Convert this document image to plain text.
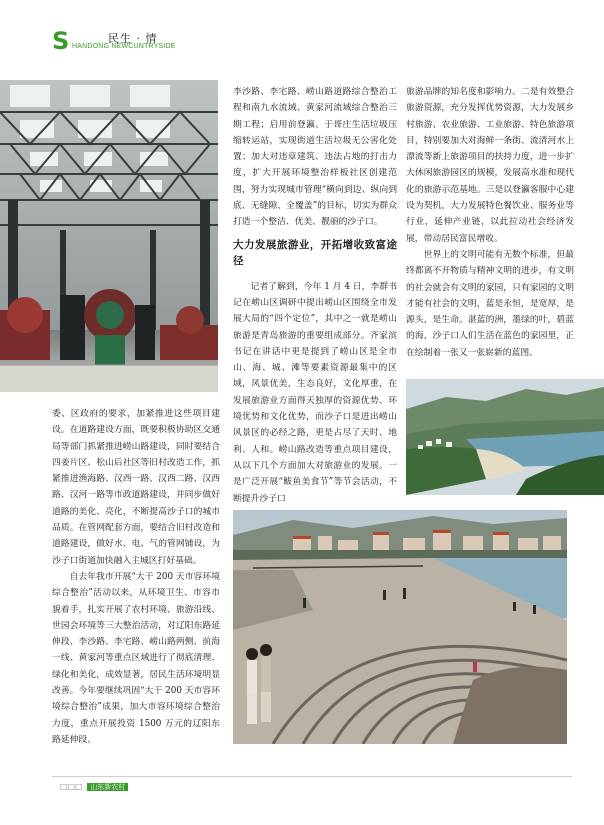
S	民生 · 情
HANDONG NEWCUNTRYSIDE

委、区政府的要求，加紧推进这些项目建设。在道路建设方面，既要积极协助区交通局等部门抓紧推进崂山路建设，同时要结合四姜片区、松山后社区等旧村改造工作，抓紧推进渔海路、汉西一路、汉西二路、汉西路、汉河一路等市政道路建设，并同步做好道路的美化、亮化，不断提高沙子口的城市品质。在管网配套方面，要结合旧村改造和道路建设，做好水、电、气的管网铺设，为沙子口街道加快融入主城区打好基础。

自去年我市开展“大干 200 天市容环境综合整治”活动以来，从环境卫生、市容市貌着手，扎实开展了农村环境、旅游沿线、世园会环境等三大整治活动，对辽阳东路延伸段、李沙路、李宅路、崂山路两侧、前海一线、黄家河等重点区域进行了彻底清理、绿化和美化，成效显著，居民生活环境明显改善。今年要继续巩固“大干 200 天市容环境综合整治”成果，加大市容环境综合整治力度，重点开展投资 1500 万元的辽阳东路延伸段、

李沙路、李宅路、崂山路道路综合整治工程和南九水流域、黄家河流域综合整治三期工程；启用前登瀛、于哥庄生活垃圾压缩转运站，实现街道生活垃圾无公害化处置；加大对违章建筑、违法占地的打击力度，扩大开展环境整治样板社区创建范围，努力实现城市管理“横向到边、纵向到底、无缝隙、全覆盖”的目标，切实为群众打造一个整洁、优美、靓丽的沙子口。

大力发展旅游业，开拓增收致富途径

记者了解到，今年 1 月 4 日，李群书记在崂山区调研中提出崂山区围绕全市发展大局的“四个定位”，其中之一就是崂山旅游是青岛旅游的重要组成部分。齐家滨书记在讲话中更是提到了崂山区是全市山、海、城、滩等要素资源最集中的区域，风景优美，生态良好，文化厚重，在发展旅游业方面得天独厚的资源优势、环境优势和文化优势，而沙子口是进出崂山风景区的必经之路，更是占尽了天时、地利、人和。崂山路改造等重点项目建设，从以下几个方面加大对旅游业的发展。一是广泛开展“鲅鱼美食节”等节会活动，不断提升沙子口

旅游品牌的知名度和影响力。二是有效整合旅游资源，充分发挥优势资源，大力发展乡村旅游、农业旅游、工业旅游、特色旅游项目，特别要加大对海鲜一条街、流清河水上漂流等新上旅游项目的扶持力度，进一步扩大休闲旅游园区的规模，发展高水准和现代化的旅游示范基地。三是以登瀛客服中心建设为契机，大力发展特色餐饮业、服务业等行业，延伸产业链，以此拉动社会经济发展，带动居民富民增收。

世界上的文明可能有无数个标准，但最终都离不开物质与精神文明的进步，有文明的社会就会有文明的家园，只有家园的文明才能有社会的文明，蓝是永恒，是宽厚，是源头，是生命。湛蓝的洲，墨绿的叶，碧蓝的海，沙子口人们生活在蓝色的家园里，正在绘制着一张又一张崭新的蓝图。

□□□ 山东新农村
